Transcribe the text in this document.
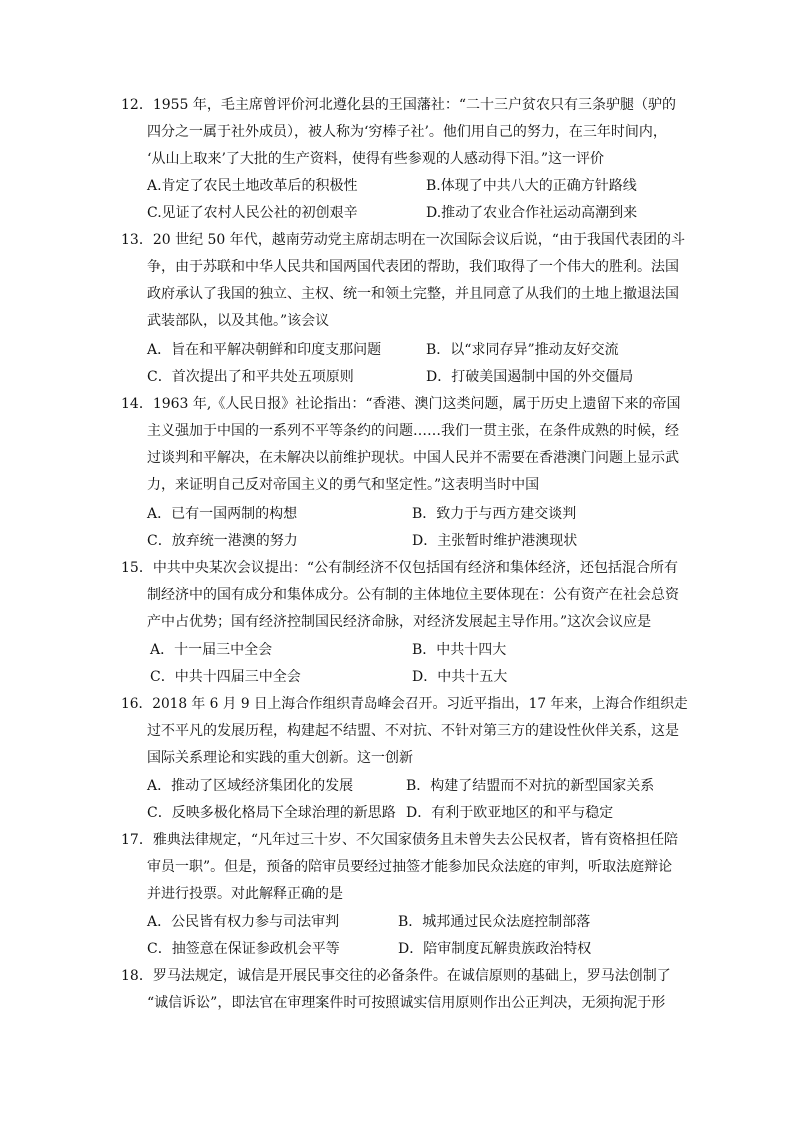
12．1955 年，毛主席曾评价河北遵化县的王国藩社：“二十三户贫农只有三条驴腿（驴的
四分之一属于社外成员），被人称为‘穷棒子社’。他们用自己的努力，在三年时间内，
‘从山上取来’了大批的生产资料，使得有些参观的人感动得下泪。”这一评价
A.肯定了农民土地改革后的积极性	B.体现了中共八大的正确方针路线
C.见证了农村人民公社的初创艰辛	D.推动了农业合作社运动高潮到来
13．20 世纪 50 年代，越南劳动党主席胡志明在一次国际会议后说，“由于我国代表团的斗
争，由于苏联和中华人民共和国两国代表团的帮助，我们取得了一个伟大的胜利。法国
政府承认了我国的独立、主权、统一和领土完整，并且同意了从我们的土地上撤退法国
武装部队，以及其他。”该会议
A．旨在和平解决朝鲜和印度支那问题	B．以“求同存异”推动友好交流
C．首次提出了和平共处五项原则	D．打破美国遏制中国的外交僵局
14．1963 年,《人民日报》社论指出：“香港、澳门这类问题，属于历史上遗留下来的帝国
主义强加于中国的一系列不平等条约的问题……我们一贯主张，在条件成熟的时候，经
过谈判和平解决，在未解决以前维护现状。中国人民并不需要在香港澳门问题上显示武
力，来证明自己反对帝国主义的勇气和坚定性。”这表明当时中国
A．已有一国两制的构想	B．致力于与西方建交谈判
C．放弃统一港澳的努力	D．主张暂时维护港澳现状
15．中共中央某次会议提出：“公有制经济不仅包括国有经济和集体经济，还包括混合所有
制经济中的国有成分和集体成分。公有制的主体地位主要体现在：公有资产在社会总资
产中占优势；国有经济控制国民经济命脉，对经济发展起主导作用。”这次会议应是
A．十一届三中全会	B．中共十四大
C．中共十四届三中全会	D．中共十五大
16．2018 年 6 月 9 日上海合作组织青岛峰会召开。习近平指出，17 年来，上海合作组织走
过不平凡的发展历程，构建起不结盟、不对抗、不针对第三方的建设性伙伴关系，这是
国际关系理论和实践的重大创新。这一创新
A．推动了区域经济集团化的发展	B．构建了结盟而不对抗的新型国家关系
C．反映多极化格局下全球治理的新思路 D．有利于欧亚地区的和平与稳定
17．雅典法律规定，“凡年过三十岁、不欠国家债务且未曾失去公民权者，皆有资格担任陪
审员一职”。但是，预备的陪审员要经过抽签才能参加民众法庭的审判，听取法庭辩论
并进行投票。对此解释正确的是
A．公民皆有权力参与司法审判	B．城邦通过民众法庭控制部落
C．抽签意在保证参政机会平等	D．陪审制度瓦解贵族政治特权
18．罗马法规定，诚信是开展民事交往的必备条件。在诚信原则的基础上，罗马法创制了
“诚信诉讼”，即法官在审理案件时可按照诚实信用原则作出公正判决，无须拘泥于形
